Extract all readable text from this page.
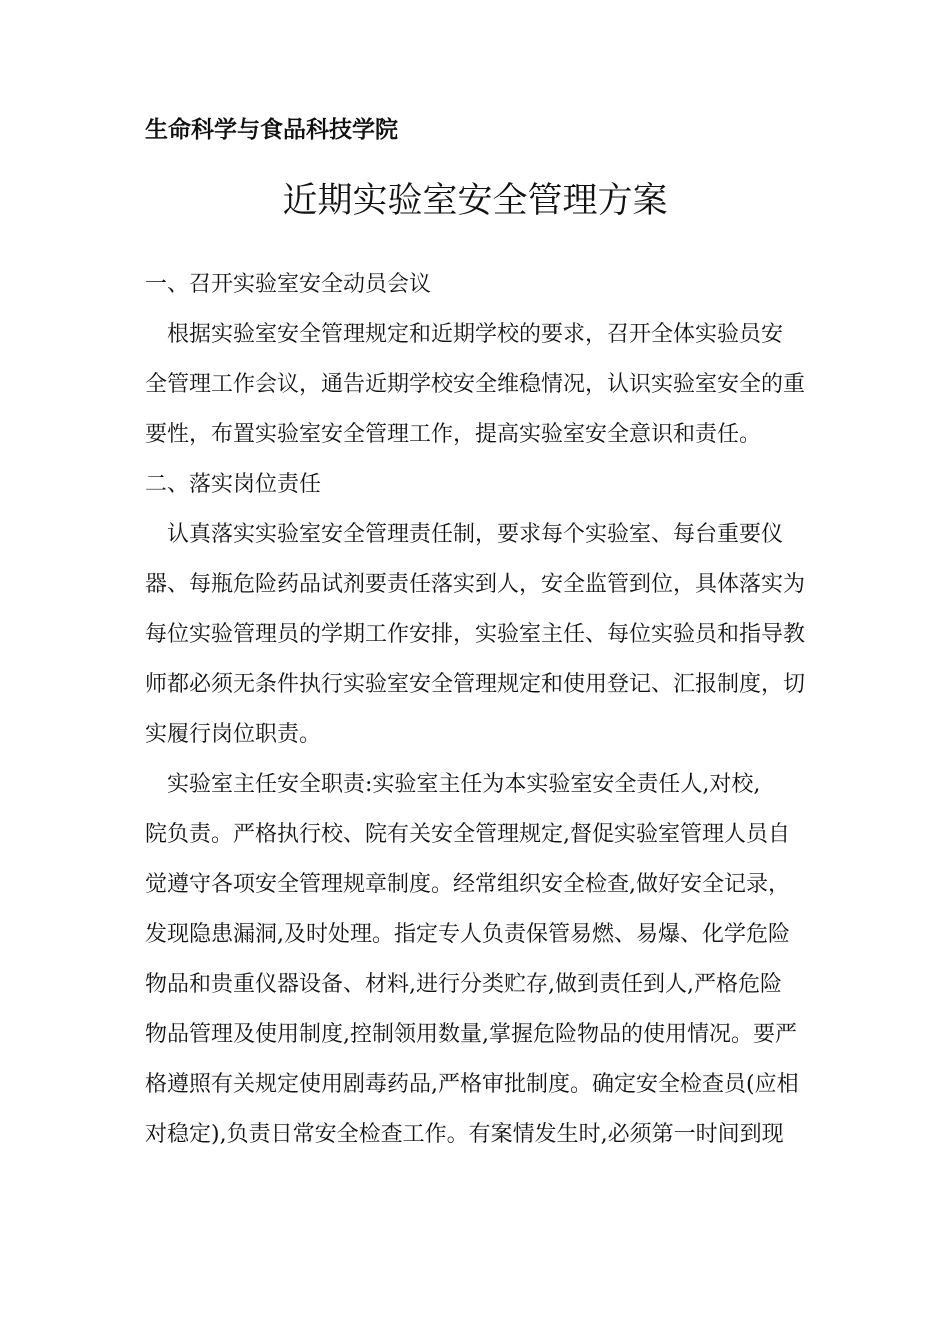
生命科学与食品科技学院
近期实验室安全管理方案
一、召开实验室安全动员会议
　根据实验室安全管理规定和近期学校的要求，召开全体实验员安
全管理工作会议，通告近期学校安全维稳情况，认识实验室安全的重
要性，布置实验室安全管理工作，提高实验室安全意识和责任。
二、落实岗位责任
　认真落实实验室安全管理责任制，要求每个实验室、每台重要仪
器、每瓶危险药品试剂要责任落实到人，安全监管到位，具体落实为
每位实验管理员的学期工作安排，实验室主任、每位实验员和指导教
师都必须无条件执行实验室安全管理规定和使用登记、汇报制度，切
实履行岗位职责。
　实验室主任安全职责:实验室主任为本实验室安全责任人,对校,
院负责。严格执行校、院有关安全管理规定,督促实验室管理人员自
觉遵守各项安全管理规章制度。经常组织安全检查,做好安全记录，
发现隐患漏洞,及时处理。指定专人负责保管易燃、易爆、化学危险
物品和贵重仪器设备、材料,进行分类贮存,做到责任到人,严格危险
物品管理及使用制度,控制领用数量,掌握危险物品的使用情况。要严
格遵照有关规定使用剧毒药品,严格审批制度。确定安全检查员(应相
对稳定),负责日常安全检查工作。有案情发生时,必须第一时间到现
